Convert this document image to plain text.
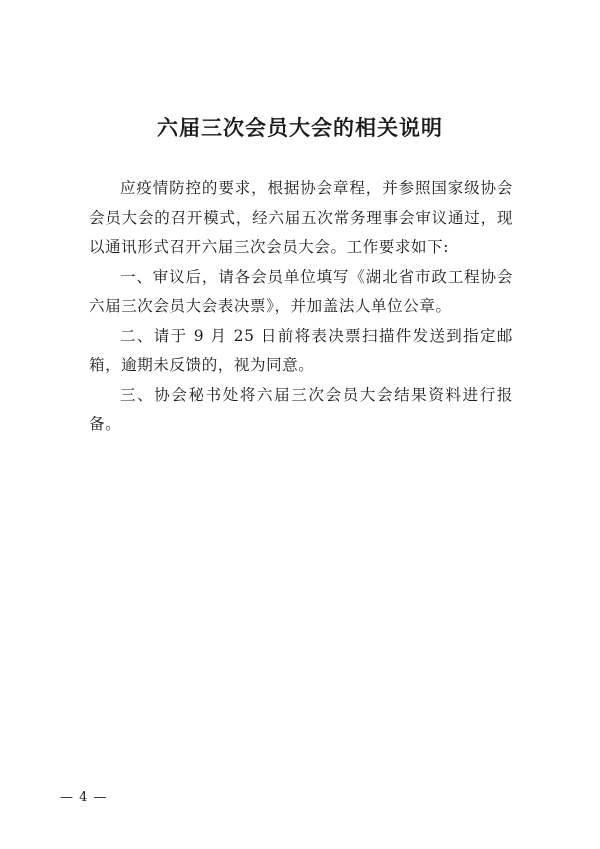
六届三次会员大会的相关说明

应疫情防控的要求，根据协会章程，并参照国家级协会会员大会的召开模式，经六届五次常务理事会审议通过，现以通讯形式召开六届三次会员大会。工作要求如下:

一、审议后，请各会员单位填写《湖北省市政工程协会六届三次会员大会表决票》，并加盖法人单位公章。

二、请于 9 月 25 日前将表决票扫描件发送到指定邮箱，逾期未反馈的，视为同意。

三、协会秘书处将六届三次会员大会结果资料进行报备。

— 4 —
